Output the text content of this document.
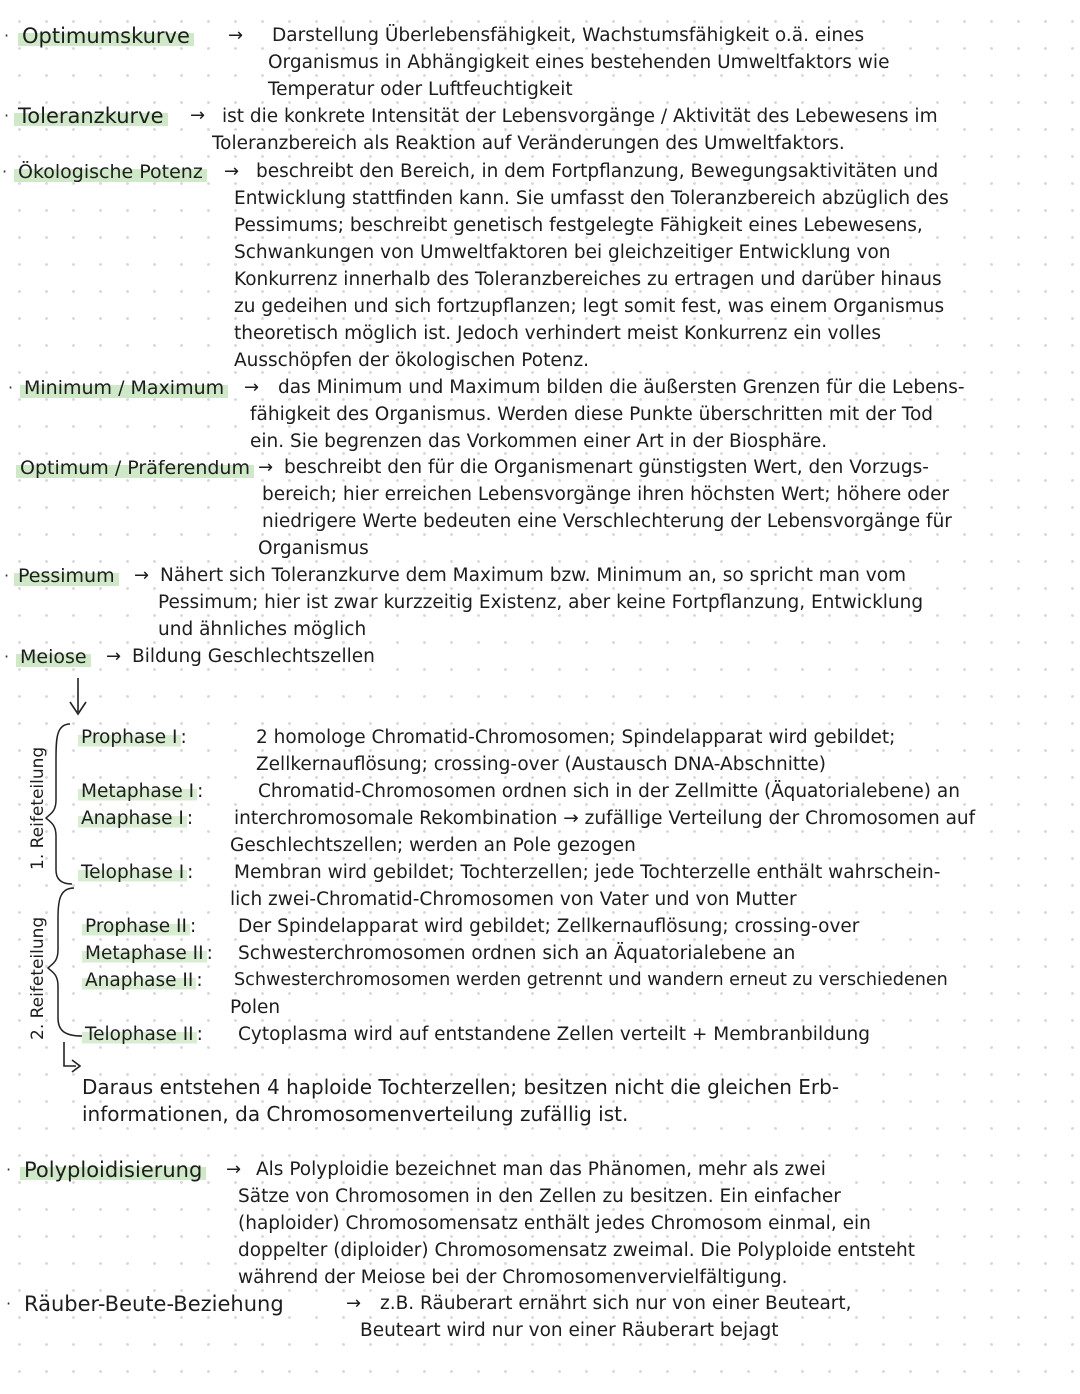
· Optimumskurve → Darstellung Überlebensfähigkeit, Wachstumsfähigkeit o.ä. eines
Organismus in Abhängigkeit eines bestehenden Umweltfaktors wie
Temperatur oder Luftfeuchtigkeit
· Toleranzkurve → ist die konkrete Intensität der Lebensvorgänge / Aktivität des Lebewesens im
Toleranzbereich als Reaktion auf Veränderungen des Umweltfaktors.
· Ökologische Potenz → beschreibt den Bereich, in dem Fortpflanzung, Bewegungsaktivitäten und
Entwicklung stattfinden kann. Sie umfasst den Toleranzbereich abzüglich des
Pessimums; beschreibt genetisch festgelegte Fähigkeit eines Lebewesens,
Schwankungen von Umweltfaktoren bei gleichzeitiger Entwicklung von
Konkurrenz innerhalb des Toleranzbereiches zu ertragen und darüber hinaus
zu gedeihen und sich fortzupflanzen; legt somit fest, was einem Organismus
theoretisch möglich ist. Jedoch verhindert meist Konkurrenz ein volles
Ausschöpfen der ökologischen Potenz.
· Minimum / Maximum → das Minimum und Maximum bilden die äußersten Grenzen für die Lebens-
fähigkeit des Organismus. Werden diese Punkte überschritten mit der Tod
ein. Sie begrenzen das Vorkommen einer Art in der Biosphäre.
Optimum / Präferendum → beschreibt den für die Organismenart günstigsten Wert, den Vorzugs-
bereich; hier erreichen Lebensvorgänge ihren höchsten Wert; höhere oder
niedrigere Werte bedeuten eine Verschlechterung der Lebensvorgänge für
Organismus
· Pessimum → Nähert sich Toleranzkurve dem Maximum bzw. Minimum an, so spricht man vom
Pessimum; hier ist zwar kurzzeitig Existenz, aber keine Fortpflanzung, Entwicklung
und ähnliches möglich
· Meiose → Bildung Geschlechtszellen
1. Reifeteilung
2. Reifeteilung
Prophase I :	2 homologe Chromatid-Chromosomen; Spindelapparat wird gebildet;
Zellkernauflösung; crossing-over (Austausch DNA-Abschnitte)
Metaphase I :	Chromatid-Chromosomen ordnen sich in der Zellmitte (Äquatorialebene) an
Anaphase I : interchromosomale Rekombination → zufällige Verteilung der Chromosomen auf
Geschlechtszellen; werden an Pole gezogen
Telophase I : Membran wird gebildet; Tochterzellen; jede Tochterzelle enthält wahrschein-
lich zwei-Chromatid-Chromosomen von Vater und von Mutter
Prophase II : Der Spindelapparat wird gebildet; Zellkernauflösung; crossing-over
Metaphase II : Schwesterchromosomen ordnen sich an Äquatorialebene an
Anaphase II : Schwesterchromosomen werden getrennt und wandern erneut zu verschiedenen
Polen
Telophase II : Cytoplasma wird auf entstandene Zellen verteilt + Membranbildung
Daraus entstehen 4 haploide Tochterzellen; besitzen nicht die gleichen Erb-
informationen, da Chromosomenverteilung zufällig ist.
· Polyploidisierung → Als Polyploidie bezeichnet man das Phänomen, mehr als zwei
Sätze von Chromosomen in den Zellen zu besitzen. Ein einfacher
(haploider) Chromosomensatz enthält jedes Chromosom einmal, ein
doppelter (diploider) Chromosomensatz zweimal. Die Polyploide entsteht
während der Meiose bei der Chromosomenvervielfältigung.
· Räuber-Beute-Beziehung	→ z.B. Räuberart ernährt sich nur von einer Beuteart,
Beuteart wird nur von einer Räuberart bejagt
